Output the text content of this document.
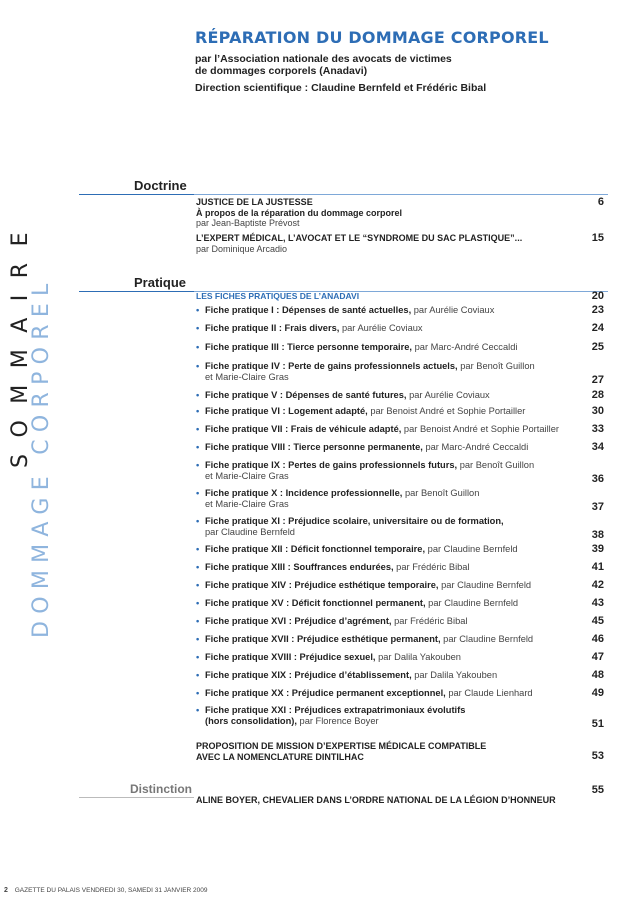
RÉPARATION DU DOMMAGE CORPOREL
par l’Association nationale des avocats de victimes
de dommages corporels (Anadavi)
Direction scientifique : Claudine Bernfeld et Frédéric Bibal
SOMMAIRE
DOMMAGE CORPOREL
Doctrine
JUSTICE DE LA JUSTESSE
À propos de la réparation du dommage corporel
par Jean-Baptiste Prévost
6
L’EXPERT MÉDICAL, L’AVOCAT ET LE “SYNDROME DU SAC PLASTIQUE”...
par Dominique Arcadio
15
Pratique
LES FICHES PRATIQUES DE L’ANADAVI	20
• Fiche pratique I : Dépenses de santé actuelles, par Aurélie Coviaux	23
• Fiche pratique II : Frais divers, par Aurélie Coviaux	24
• Fiche pratique III : Tierce personne temporaire, par Marc-André Ceccaldi	25
• Fiche pratique IV : Perte de gains professionnels actuels, par Benoît Guillon
et Marie-Claire Gras	27
• Fiche pratique V : Dépenses de santé futures, par Aurélie Coviaux	28
• Fiche pratique VI : Logement adapté, par Benoist André et Sophie Portailler	30
• Fiche pratique VII : Frais de véhicule adapté, par Benoist André et Sophie Portailler	33
• Fiche pratique VIII : Tierce personne permanente, par Marc-André Ceccaldi	34
• Fiche pratique IX : Pertes de gains professionnels futurs, par Benoît Guillon
et Marie-Claire Gras	36
• Fiche pratique X : Incidence professionnelle, par Benoît Guillon
et Marie-Claire Gras	37
• Fiche pratique XI : Préjudice scolaire, universitaire ou de formation,
par Claudine Bernfeld	38
• Fiche pratique XII : Déficit fonctionnel temporaire, par Claudine Bernfeld	39
• Fiche pratique XIII : Souffrances endurées, par Frédéric Bibal	41
• Fiche pratique XIV : Préjudice esthétique temporaire, par Claudine Bernfeld	42
• Fiche pratique XV : Déficit fonctionnel permanent, par Claudine Bernfeld	43
• Fiche pratique XVI : Préjudice d’agrément, par Frédéric Bibal	45
• Fiche pratique XVII : Préjudice esthétique permanent, par Claudine Bernfeld	46
• Fiche pratique XVIII : Préjudice sexuel, par Dalila Yakouben	47
• Fiche pratique XIX : Préjudice d’établissement, par Dalila Yakouben	48
• Fiche pratique XX : Préjudice permanent exceptionnel, par Claude Lienhard	49
• Fiche pratique XXI : Préjudices extrapatrimoniaux évolutifs
(hors consolidation), par Florence Boyer	51
PROPOSITION DE MISSION D’EXPERTISE MÉDICALE COMPATIBLE
AVEC LA NOMENCLATURE DINTILHAC	53
Distinction
ALINE BOYER, CHEVALIER DANS L’ORDRE NATIONAL DE LA LÉGION D’HONNEUR
55
2 GAZETTE DU PALAIS VENDREDI 30, SAMEDI 31 JANVIER 2009
